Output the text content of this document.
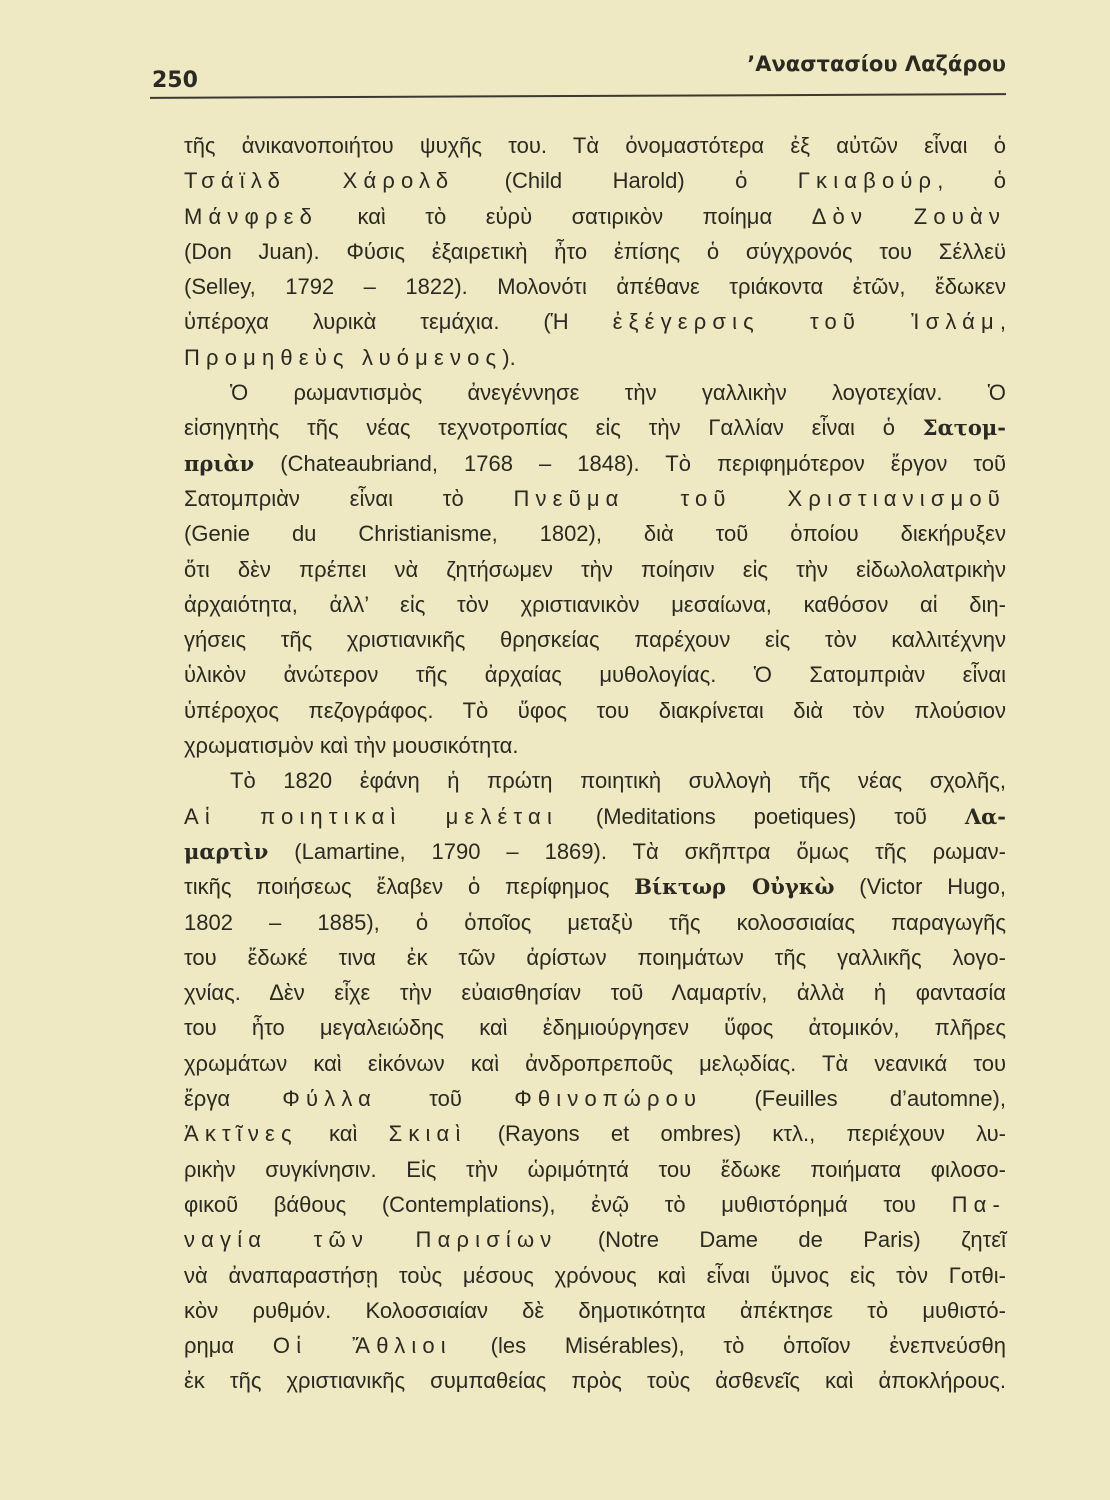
250
’Αναστασίου Λαζάρου
τῆς ἀνικανοποιήτου ψυχῆς του. Τὰ ὀνομαστότερα ἐξ αὐτῶν εἶναι ὁ
Τσάϊλδ Χάρολδ (Child Harold) ὁ Γκιαβούρ, ὁ
Μάνφρεδ καὶ τὸ εὐρὺ σατιρικὸν ποίημα Δὸν Ζουὰν
(Don Juan). Φύσις ἐξαιρετικὴ ἦτο ἐπίσης ὁ σύγχρονός του Σέλλεϋ
(Selley, 1792 – 1822). Μολονότι ἀπέθανε τριάκοντα ἐτῶν, ἔδωκεν
ὑπέροχα λυρικὰ τεμάχια. (Ἡ ἐξέγερσις τοῦ Ἰσλάμ,
Προμηθεὺς λυόμενος).
Ὁ ρωμαντισμὸς ἀνεγέννησε τὴν γαλλικὴν λογοτεχίαν. Ὁ
εἰσηγητὴς τῆς νέας τεχνοτροπίας εἰς τὴν Γαλλίαν εἶναι ὁ Σατομ-
πριὰν (Chateaubriand, 1768 – 1848). Τὸ περιφημότερον ἔργον τοῦ
Σατομπριὰν εἶναι τὸ Πνεῦμα τοῦ Χριστιανισμοῦ
(Genie du Christianisme, 1802), διὰ τοῦ ὁποίου διεκήρυξεν
ὅτι δὲν πρέπει νὰ ζητήσωμεν τὴν ποίησιν εἰς τὴν εἰδωλολατρικὴν
ἀρχαιότητα, ἀλλ’ εἰς τὸν χριστιανικὸν μεσαίωνα, καθόσον αἱ διη-
γήσεις τῆς χριστιανικῆς θρησκείας παρέχουν εἰς τὸν καλλιτέχνην
ὑλικὸν ἀνώτερον τῆς ἀρχαίας μυθολογίας. Ὁ Σατομπριὰν εἶναι
ὑπέροχος πεζογράφος. Τὸ ὕφος του διακρίνεται διὰ τὸν πλούσιον
χρωματισμὸν καὶ τὴν μουσικότητα.
Τὸ 1820 ἐφάνη ἡ πρώτη ποιητικὴ συλλογὴ τῆς νέας σχολῆς,
Αἱ ποιητικαὶ μελέται (Meditations poetiques) τοῦ Λα-
μαρτὶν (Lamartine, 1790 – 1869). Τὰ σκῆπτρα ὅμως τῆς ρωμαν-
τικῆς ποιήσεως ἔλαβεν ὁ περίφημος Βίκτωρ Οὐγκὼ (Victor Hugo,
1802 – 1885), ὁ ὁποῖος μεταξὺ τῆς κολοσσιαίας παραγωγῆς
του ἔδωκέ τινα ἐκ τῶν ἀρίστων ποιημάτων τῆς γαλλικῆς λογο-
χνίας. Δὲν εἶχε τὴν εὐαισθησίαν τοῦ Λαμαρτίν, ἀλλὰ ἡ φαντασία
του ἦτο μεγαλειώδης καὶ ἐδημιούργησεν ὕφος ἀτομικόν, πλῆρες
χρωμάτων καὶ εἰκόνων καὶ ἀνδροπρεποῦς μελῳδίας. Τὰ νεανικά του
ἔργα Φύλλα τοῦ Φθινοπώρου (Feuilles d’automne),
Ἀκτῖνες καὶ Σκιαὶ (Rayons et ombres) κτλ., περιέχουν λυ-
ρικὴν συγκίνησιν. Εἰς τὴν ὡριμότητά του ἔδωκε ποιήματα φιλοσο-
φικοῦ βάθους (Contemplations), ἐνῷ τὸ μυθιστόρημά του Πα-
ναγία τῶν Παρισίων (Notre Dame de Paris) ζητεῖ
νὰ ἀναπαραστήσῃ τοὺς μέσους χρόνους καὶ εἶναι ὕμνος εἰς τὸν Γοτθι-
κὸν ρυθμόν. Κολοσσιαίαν δὲ δημοτικότητα ἀπέκτησε τὸ μυθιστό-
ρημα Οἱ Ἄθλιοι (les Misérables), τὸ ὁποῖον ἐνεπνεύσθη
ἐκ τῆς χριστιανικῆς συμπαθείας πρὸς τοὺς ἀσθενεῖς καὶ ἀποκλήρους.
